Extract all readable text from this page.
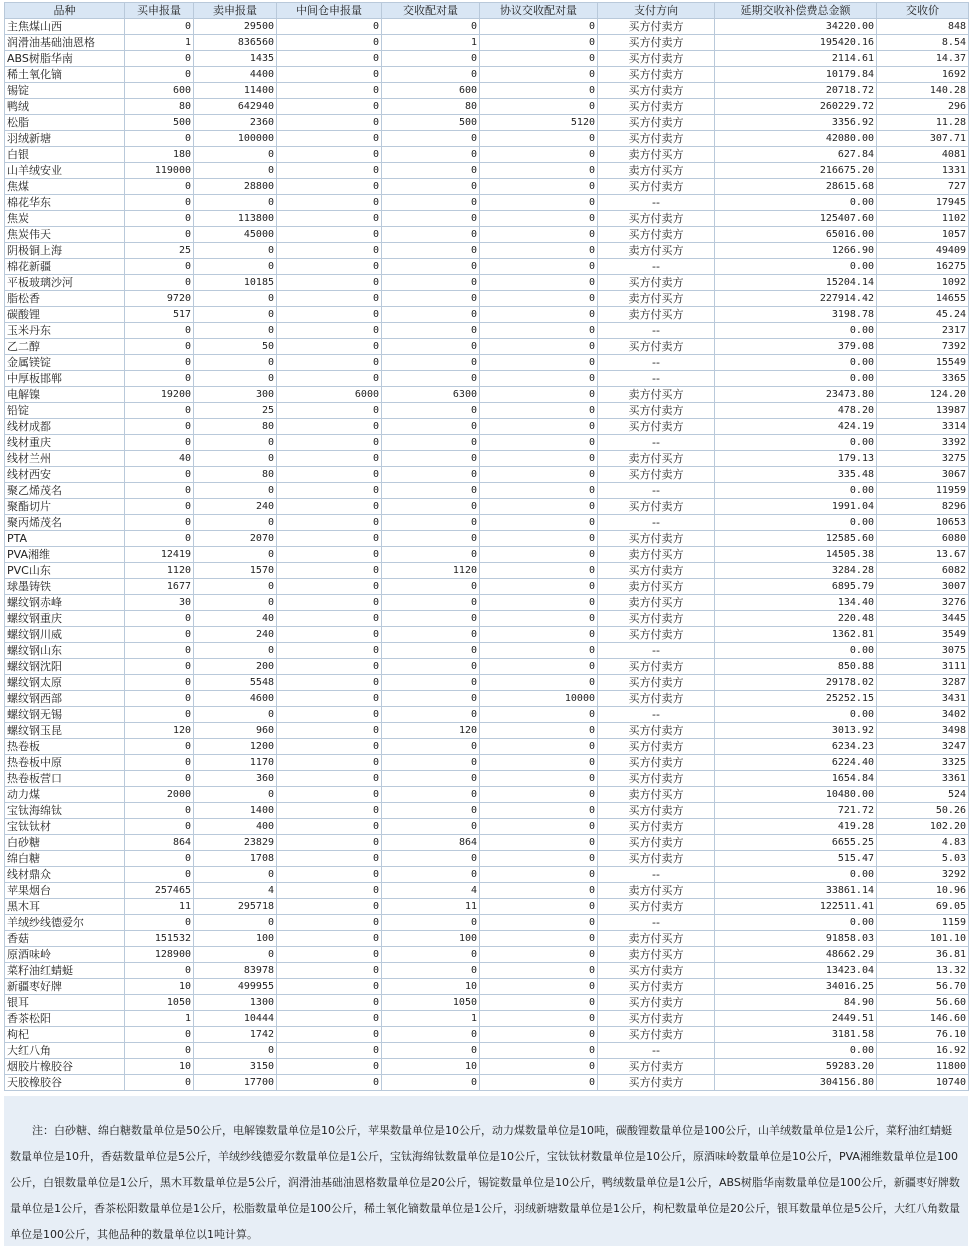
品种	买申报量	卖申报量	中间仓申报量	交收配对量	协议交收配对量	支付方向	延期交收补偿费总金额	交收价
主焦煤山西	0	29500	0	0	0	买方付卖方	34220.00	848
润滑油基础油恩格	1	836560	0	1	0	买方付卖方	195420.16	8.54
ABS树脂华南	0	1435	0	0	0	买方付卖方	2114.61	14.37
稀土氧化镝	0	4400	0	0	0	买方付卖方	10179.84	1692
锡锭	600	11400	0	600	0	买方付卖方	20718.72	140.28
鸭绒	80	642940	0	80	0	买方付卖方	260229.72	296
松脂	500	2360	0	500	5120	买方付卖方	3356.92	11.28
羽绒新塘	0	100000	0	0	0	买方付卖方	42080.00	307.71
白银	180	0	0	0	0	卖方付买方	627.84	4081
山羊绒安业	119000	0	0	0	0	卖方付买方	216675.20	1331
焦煤	0	28800	0	0	0	买方付卖方	28615.68	727
棉花华东	0	0	0	0	0	--	0.00	17945
焦炭	0	113800	0	0	0	买方付卖方	125407.60	1102
焦炭伟天	0	45000	0	0	0	买方付卖方	65016.00	1057
阴极铜上海	25	0	0	0	0	卖方付买方	1266.90	49409
棉花新疆	0	0	0	0	0	--	0.00	16275
平板玻璃沙河	0	10185	0	0	0	买方付卖方	15204.14	1092
脂松香	9720	0	0	0	0	卖方付买方	227914.42	14655
碳酸锂	517	0	0	0	0	卖方付买方	3198.78	45.24
玉米丹东	0	0	0	0	0	--	0.00	2317
乙二醇	0	50	0	0	0	买方付卖方	379.08	7392
金属镁锭	0	0	0	0	0	--	0.00	15549
中厚板邯郸	0	0	0	0	0	--	0.00	3365
电解镍	19200	300	6000	6300	0	卖方付买方	23473.80	124.20
铅锭	0	25	0	0	0	买方付卖方	478.20	13987
线材成都	0	80	0	0	0	买方付卖方	424.19	3314
线材重庆	0	0	0	0	0	--	0.00	3392
线材兰州	40	0	0	0	0	卖方付买方	179.13	3275
线材西安	0	80	0	0	0	买方付卖方	335.48	3067
聚乙烯茂名	0	0	0	0	0	--	0.00	11959
聚酯切片	0	240	0	0	0	买方付卖方	1991.04	8296
聚丙烯茂名	0	0	0	0	0	--	0.00	10653
PTA	0	2070	0	0	0	买方付卖方	12585.60	6080
PVA湘维	12419	0	0	0	0	卖方付买方	14505.38	13.67
PVC山东	1120	1570	0	1120	0	买方付卖方	3284.28	6082
球墨铸铁	1677	0	0	0	0	卖方付买方	6895.79	3007
螺纹钢赤峰	30	0	0	0	0	卖方付买方	134.40	3276
螺纹钢重庆	0	40	0	0	0	买方付卖方	220.48	3445
螺纹钢川威	0	240	0	0	0	买方付卖方	1362.81	3549
螺纹钢山东	0	0	0	0	0	--	0.00	3075
螺纹钢沈阳	0	200	0	0	0	买方付卖方	850.88	3111
螺纹钢太原	0	5548	0	0	0	买方付卖方	29178.02	3287
螺纹钢西部	0	4600	0	0	10000	买方付卖方	25252.15	3431
螺纹钢无锡	0	0	0	0	0	--	0.00	3402
螺纹钢玉昆	120	960	0	120	0	买方付卖方	3013.92	3498
热卷板	0	1200	0	0	0	买方付卖方	6234.23	3247
热卷板中原	0	1170	0	0	0	买方付卖方	6224.40	3325
热卷板营口	0	360	0	0	0	买方付卖方	1654.84	3361
动力煤	2000	0	0	0	0	卖方付买方	10480.00	524
宝钛海绵钛	0	1400	0	0	0	买方付卖方	721.72	50.26
宝钛钛材	0	400	0	0	0	买方付卖方	419.28	102.20
白砂糖	864	23829	0	864	0	买方付卖方	6655.25	4.83
绵白糖	0	1708	0	0	0	买方付卖方	515.47	5.03
线材鼎众	0	0	0	0	0	--	0.00	3292
苹果烟台	257465	4	0	4	0	卖方付买方	33861.14	10.96
黑木耳	11	295718	0	11	0	买方付卖方	122511.41	69.05
羊绒纱线德爱尔	0	0	0	0	0	--	0.00	1159
香菇	151532	100	0	100	0	卖方付买方	91858.03	101.10
原酒味岭	128900	0	0	0	0	卖方付买方	48662.29	36.81
菜籽油红蜻蜓	0	83978	0	0	0	买方付卖方	13423.04	13.32
新疆枣好牌	10	499955	0	10	0	买方付卖方	34016.25	56.70
银耳	1050	1300	0	1050	0	买方付卖方	84.90	56.60
香茶松阳	1	10444	0	1	0	买方付卖方	2449.51	146.60
枸杞	0	1742	0	0	0	买方付卖方	3181.58	76.10
大红八角	0	0	0	0	0	--	0.00	16.92
烟胶片橡胶谷	10	3150	0	10	0	买方付卖方	59283.20	11800
天胶橡胶谷	0	17700	0	0	0	买方付卖方	304156.80	10740
注：白砂糖、绵白糖数量单位是50公斤，电解镍数量单位是10公斤，苹果数量单位是10公斤，动力煤数量单位是10吨，碳酸锂数量单位是100公斤，山羊绒数量单位是1公斤，菜籽油红蜻蜓数量单位是10升，香菇数量单位是5公斤，羊绒纱线德爱尔数量单位是1公斤，宝钛海绵钛数量单位是10公斤，宝钛钛材数量单位是10公斤，原酒味岭数量单位是10公斤，PVA湘维数量单位是100公斤，白银数量单位是1公斤，黑木耳数量单位是5公斤，润滑油基础油恩格数量单位是20公斤，锡锭数量单位是10公斤，鸭绒数量单位是1公斤，ABS树脂华南数量单位是100公斤，新疆枣好牌数量单位是1公斤，香茶松阳数量单位是1公斤，松脂数量单位是100公斤，稀土氧化镝数量单位是1公斤，羽绒新塘数量单位是1公斤，枸杞数量单位是20公斤，银耳数量单位是5公斤，大红八角数量单位是100公斤，其他品种的数量单位以1吨计算。
